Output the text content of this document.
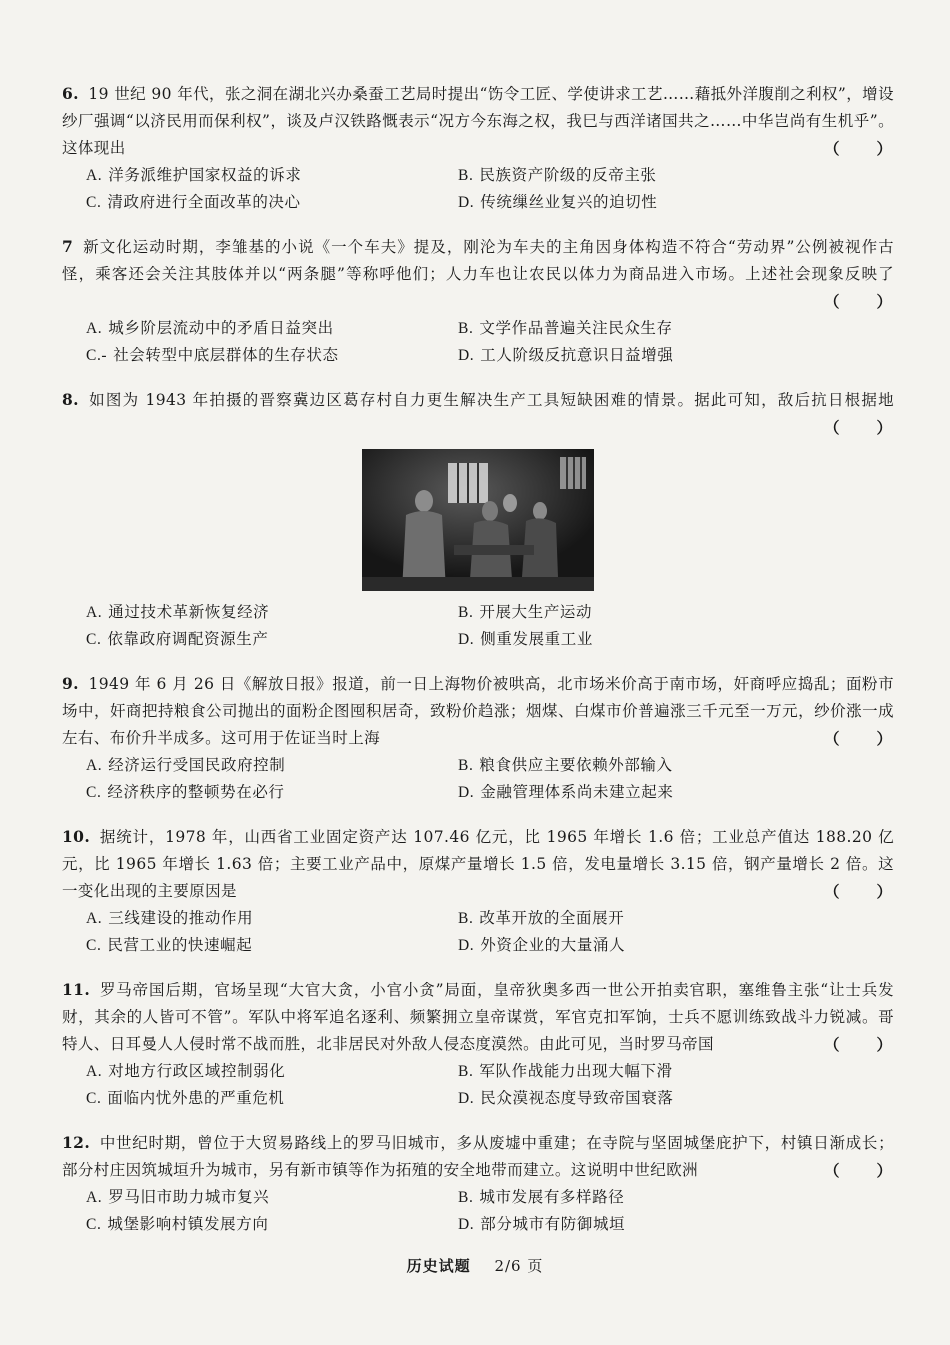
6. 19 世纪 90 年代，张之洞在湖北兴办桑蚕工艺局时提出“饬令工匠、学使讲求工艺……藉抵外洋腹削之利权”，增设纱厂强调“以济民用而保利权”，谈及卢汉铁路慨表示“况方今东海之权，我巳与西洋诸国共之……中华岂尚有生机乎”。这体现出	（　　）
A. 洋务派维护国家权益的诉求	B. 民族资产阶级的反帝主张
C. 清政府进行全面改革的决心	D. 传统缫丝业复兴的迫切性
7 新文化运动时期，李雏基的小说《一个车夫》提及，刚沦为车夫的主角因身体构造不符合“劳动界”公例被视作古怪，乘客还会关注其肢体并以“两条腿”等称呼他们；人力车也让农民以体力为商品进入市场。上述社会现象反映了
（　　）
A. 城乡阶层流动中的矛盾日益突出	B. 文学作品普遍关注民众生存
C.- 社会转型中底层群体的生存状态	D. 工人阶级反抗意识日益增强
8. 如图为 1943 年拍摄的晋察冀边区葛存村自力更生解决生产工具短缺困难的情景。据此可知，敌后抗日根据地
（　　）
A. 通过技术革新恢复经济	B. 开展大生产运动
C. 依靠政府调配资源生产	D. 侧重发展重工业
9. 1949 年 6 月 26 日《解放日报》报道，前一日上海物价被哄高，北市场米价高于南市场，奸商呼应捣乱；面粉市场中，奸商把持粮食公司抛出的面粉企图囤积居奇，致粉价趋涨；烟煤、白煤市价普遍涨三千元至一万元，纱价涨一成左右、布价升半成多。这可用于佐证当时上海	（　　）
A. 经济运行受国民政府控制	B. 粮食供应主要依赖外部输入
C. 经济秩序的整顿势在必行	D. 金融管理体系尚未建立起来
10. 据统计，1978 年，山西省工业固定资产达 107.46 亿元，比 1965 年增长 1.6 倍；工业总产值达 188.20 亿元，比 1965 年增长 1.63 倍；主要工业产品中，原煤产量增长 1.5 倍，发电量增长 3.15 倍，钢产量增长 2 倍。这一变化出现的主要原因是	（　　）
A. 三线建设的推动作用	B. 改革开放的全面展开
C. 民营工业的快速崛起	D. 外资企业的大量涌人
11. 罗马帝国后期，官场呈现“大官大贪，小官小贪”局面，皇帝狄奥多西一世公开拍卖官职，塞维鲁主张“让士兵发财，其余的人皆可不管”。军队中将军追名逐利、频繁拥立皇帝谋赏，军官克扣军饷，士兵不愿训练致战斗力锐减。哥特人、日耳曼人人侵时常不战而胜，北非居民对外敌人侵态度漠然。由此可见，当时罗马帝国	（　　）
A. 对地方行政区域控制弱化	B. 军队作战能力出现大幅下滑
C. 面临内忧外患的严重危机	D. 民众漠视态度导致帝国衰落
12. 中世纪时期，曾位于大贸易路线上的罗马旧城市，多从废墟中重建；在寺院与坚固城堡庇护下，村镇日渐成长；部分村庄因筑城垣升为城市，另有新市镇等作为拓殖的安全地带而建立。这说明中世纪欧洲	（　　）
A. 罗马旧市助力城市复兴	B. 城市发展有多样路径
C. 城堡影响村镇发展方向	D. 部分城市有防御城垣
历史试题 2/6 页
